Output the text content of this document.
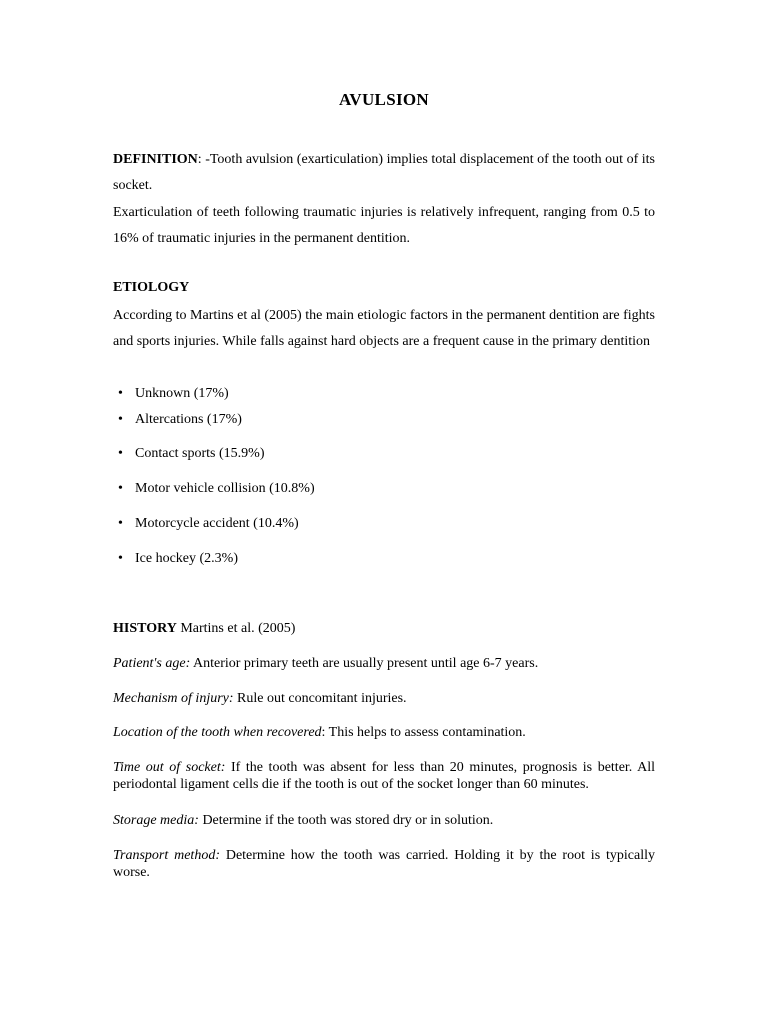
AVULSION

DEFINITION: -Tooth avulsion (exarticulation) implies total displacement of the tooth out of its socket.

Exarticulation of teeth following traumatic injuries is relatively infrequent, ranging from 0.5 to 16% of traumatic injuries in the permanent dentition.

ETIOLOGY

According to Martins et al (2005) the main etiologic factors in the permanent dentition are fights and sports injuries. While falls against hard objects are a frequent cause in the primary dentition

• Unknown (17%)
• Altercations (17%)
• Contact sports (15.9%)
• Motor vehicle collision (10.8%)
• Motorcycle accident (10.4%)
• Ice hockey (2.3%)

HISTORY Martins et al. (2005)

Patient's age: Anterior primary teeth are usually present until age 6-7 years.

Mechanism of injury: Rule out concomitant injuries.

Location of the tooth when recovered: This helps to assess contamination.

Time out of socket: If the tooth was absent for less than 20 minutes, prognosis is better. All periodontal ligament cells die if the tooth is out of the socket longer than 60 minutes.

Storage media: Determine if the tooth was stored dry or in solution.

Transport method: Determine how the tooth was carried. Holding it by the root is typically worse.
